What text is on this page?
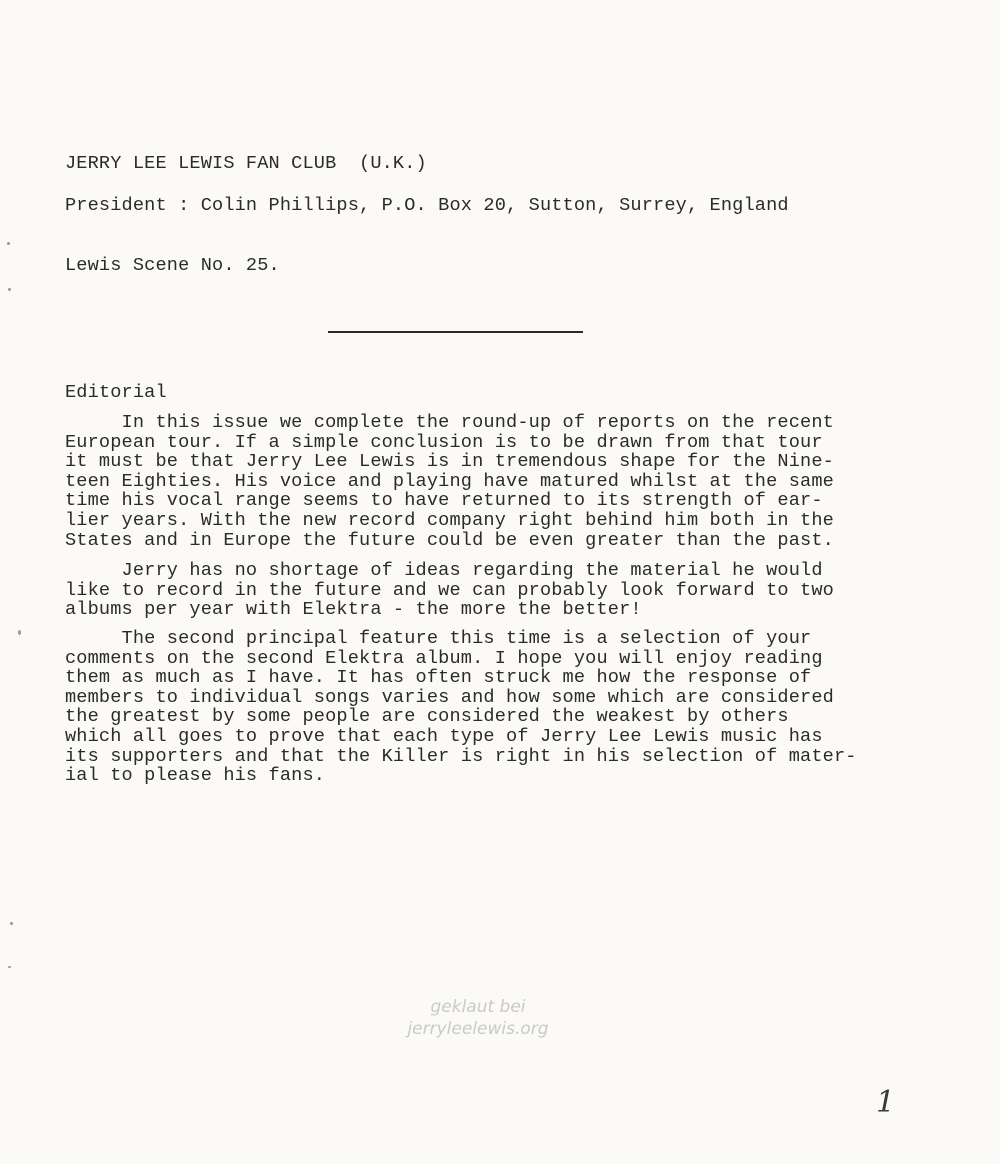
JERRY LEE LEWIS FAN CLUB  (U.K.)
President : Colin Phillips, P.O. Box 20, Sutton, Surrey, England
Lewis Scene No. 25.
Editorial
In this issue we complete the round-up of reports on the recent
European tour. If a simple conclusion is to be drawn from that tour
it must be that Jerry Lee Lewis is in tremendous shape for the Nine-
teen Eighties. His voice and playing have matured whilst at the same
time his vocal range seems to have returned to its strength of ear-
lier years. With the new record company right behind him both in the
States and in Europe the future could be even greater than the past.
Jerry has no shortage of ideas regarding the material he would
like to record in the future and we can probably look forward to two
albums per year with Elektra - the more the better!
The second principal feature this time is a selection of your
comments on the second Elektra album. I hope you will enjoy reading
them as much as I have. It has often struck me how the response of
members to individual songs varies and how some which are considered
the greatest by some people are considered the weakest by others
which all goes to prove that each type of Jerry Lee Lewis music has
its supporters and that the Killer is right in his selection of mater-
ial to please his fans.
geklaut bei
jerryleelewis.org
1
